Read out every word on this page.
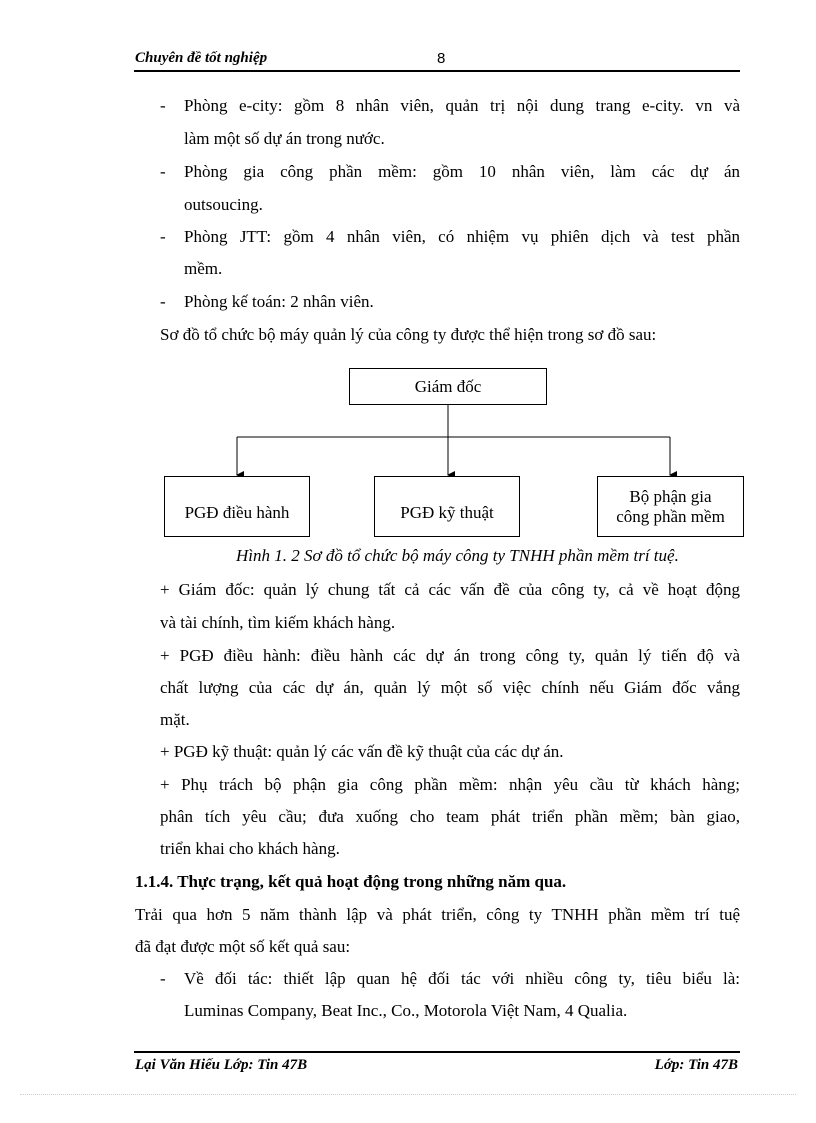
Chuyên đề tốt nghiệp	8
- Phòng e-city: gồm 8 nhân viên, quản trị nội dung trang e-city. vn và
làm một số dự án trong nước.
- Phòng gia công phần mềm: gồm 10 nhân viên, làm các dự án
outsoucing.
- Phòng JTT: gồm 4 nhân viên, có nhiệm vụ phiên dịch và test phần
mềm.
- Phòng kế toán: 2 nhân viên.
Sơ đồ tổ chức bộ máy quản lý của công ty được thể hiện trong sơ đồ sau:
Giám đốc
PGĐ điều hành	PGĐ kỹ thuật
Bộ phận gia
công phần mềm
Hình 1. 2 Sơ đồ tổ chức bộ máy công ty TNHH phần mềm trí tuệ.
+ Giám đốc: quản lý chung tất cả các vấn đề của công ty, cả về hoạt động
và tài chính, tìm kiếm khách hàng.
+ PGĐ điều hành: điều hành các dự án trong công ty, quản lý tiến độ và
chất lượng của các dự án, quản lý một số việc chính nếu Giám đốc vắng
mặt.
+ PGĐ kỹ thuật: quản lý các vấn đề kỹ thuật của các dự án.
+ Phụ trách bộ phận gia công phần mềm: nhận yêu cầu từ khách hàng;
phân tích yêu cầu; đưa xuống cho team phát triển phần mềm; bàn giao,
triển khai cho khách hàng.
1.1.4. Thực trạng, kết quả hoạt động trong những năm qua.
Trải qua hơn 5 năm thành lập và phát triển, công ty TNHH phần mềm trí tuệ
đã đạt được một số kết quả sau:
- Về đối tác: thiết lập quan hệ đối tác với nhiều công ty, tiêu biểu là:
Luminas Company, Beat Inc., Co., Motorola Việt Nam, 4 Qualia.
Lại Văn Hiếu Lớp: Tin 47B	Lớp: Tin 47B
